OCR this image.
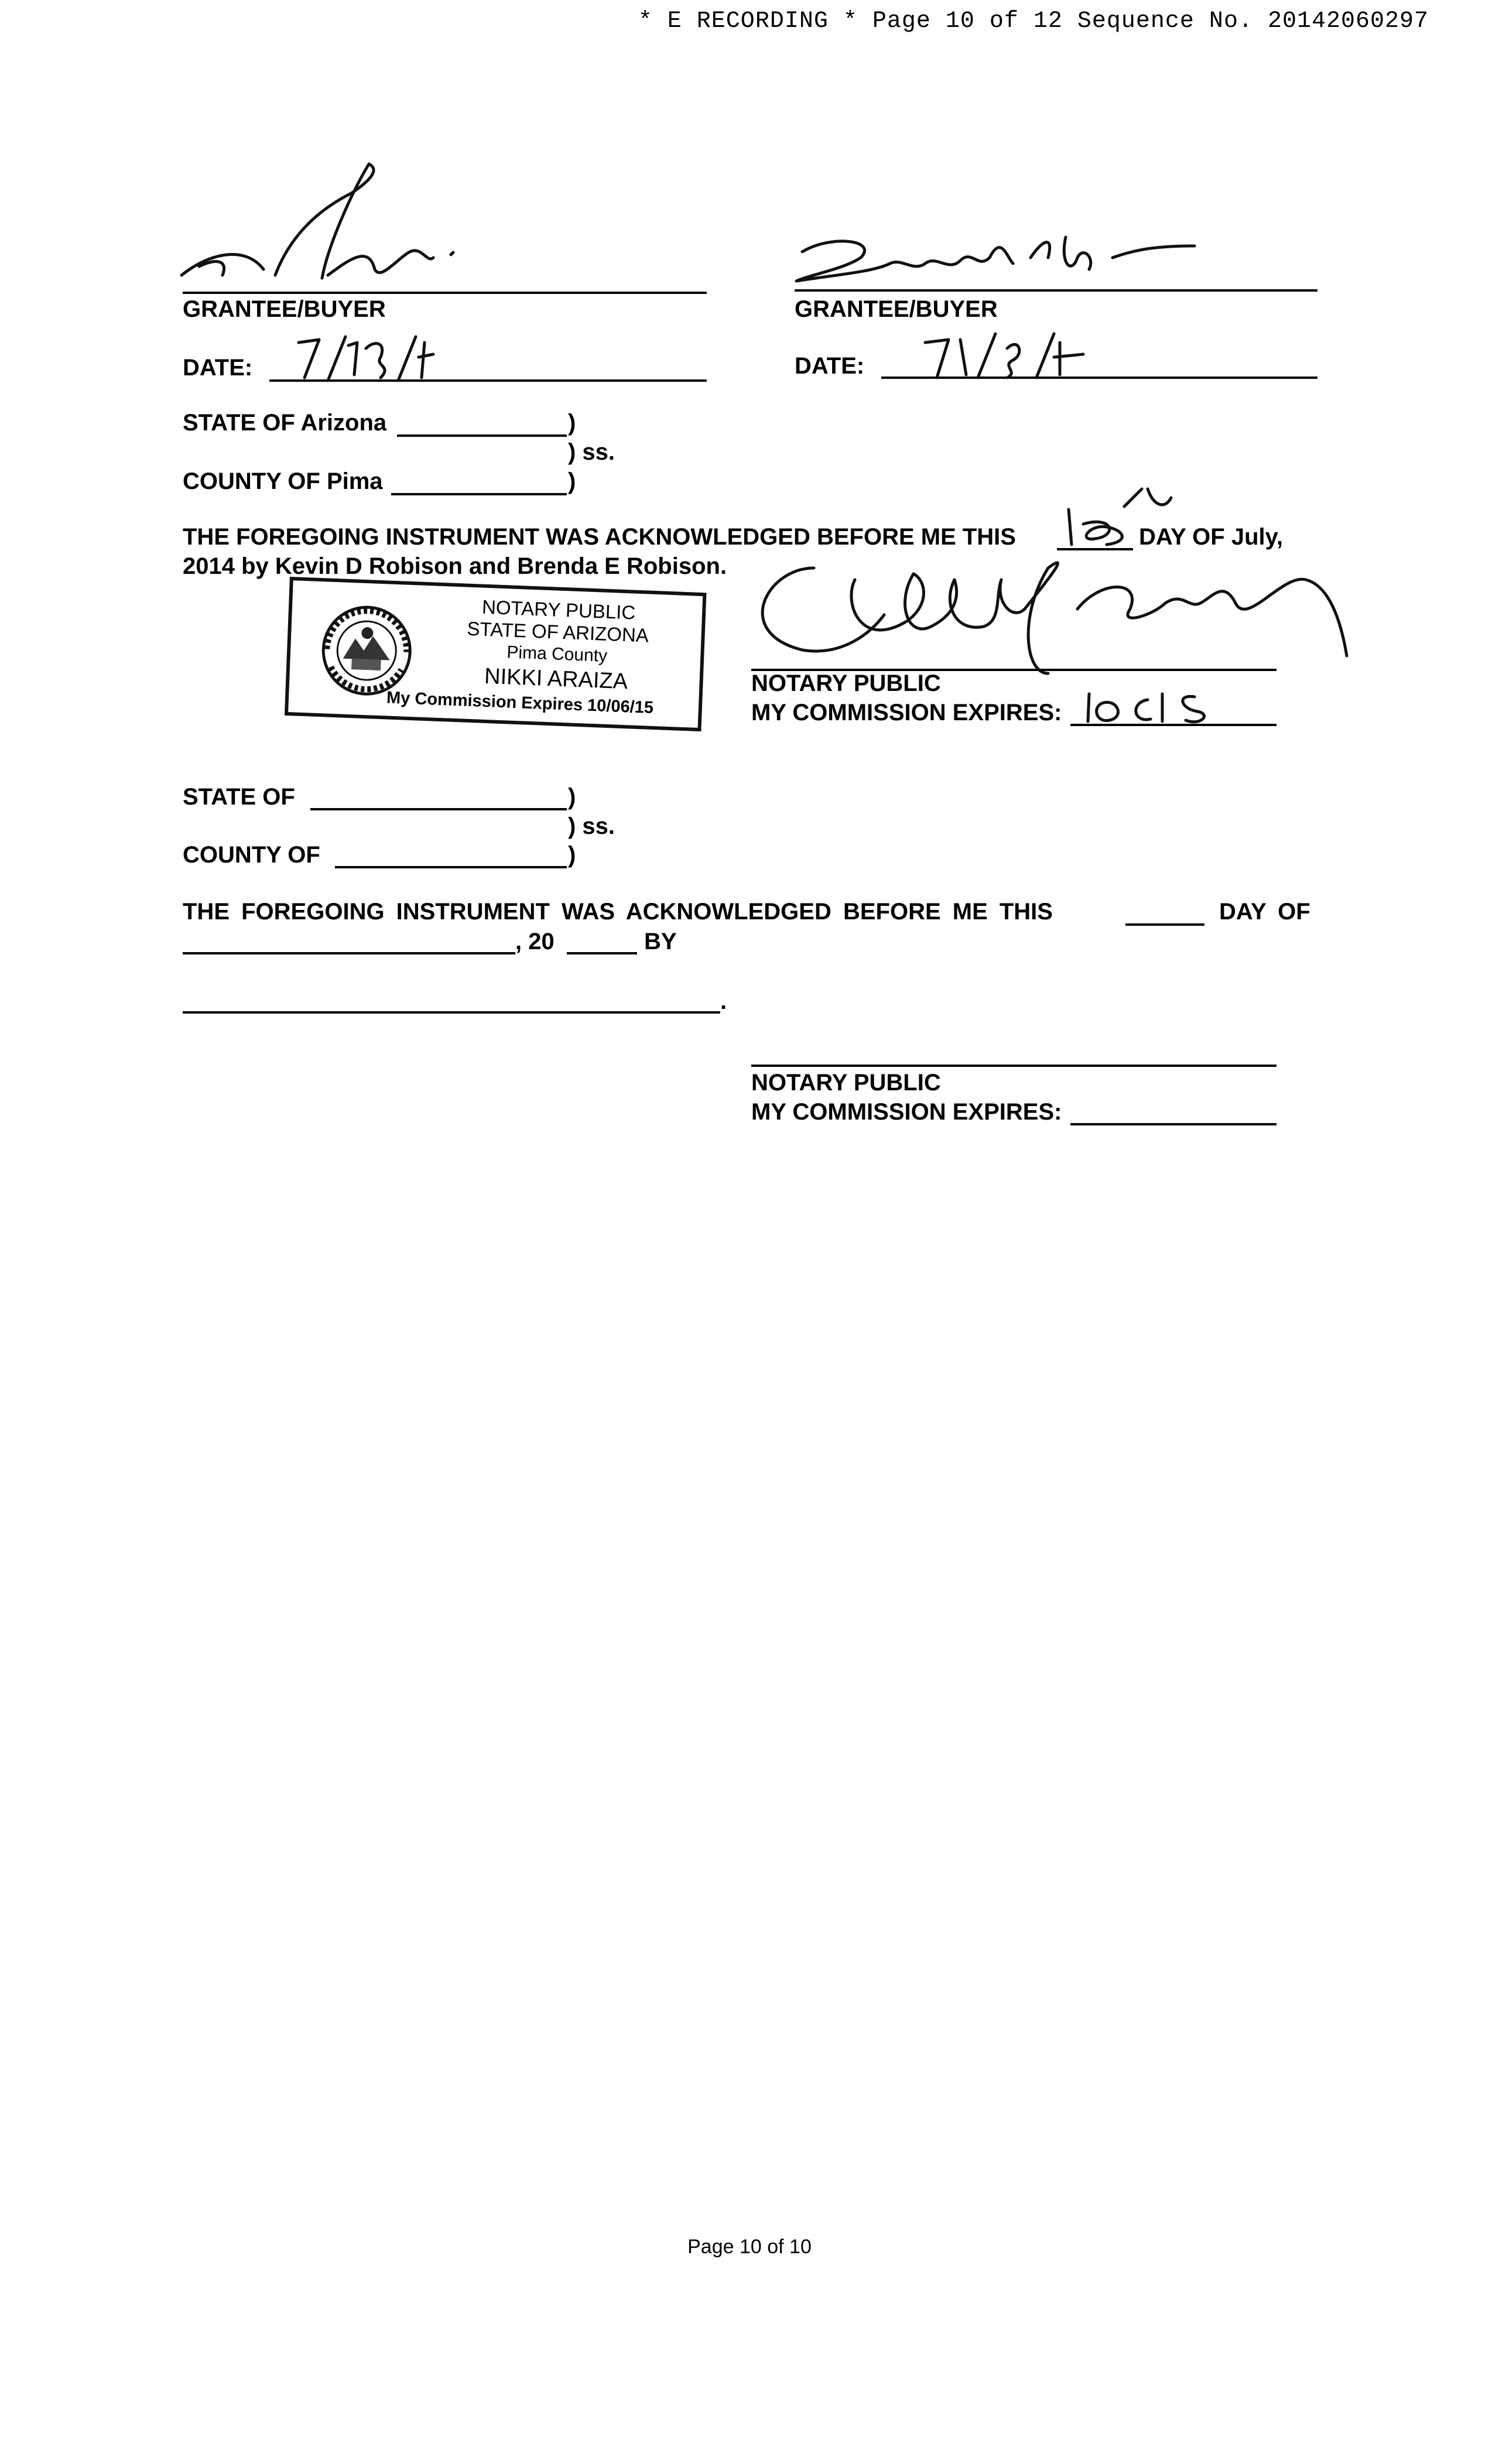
* E RECORDING * Page 10 of 12 Sequence No. 20142060297
GRANTEE/BUYER
DATE:
GRANTEE/BUYER
DATE:
STATE OF Arizona	)
) ss.
COUNTY OF Pima	)
THE FOREGOING INSTRUMENT WAS ACKNOWLEDGED BEFORE ME THIS	DAY OF July,
2014 by Kevin D Robison and Brenda E Robison.
NOTARY PUBLIC
STATE OF ARIZONA
Pima County
NIKKI ARAIZA
My Commission Expires 10/06/15
NOTARY PUBLIC
MY COMMISSION EXPIRES:
STATE OF	)
) ss.
COUNTY OF	)
THE FOREGOING INSTRUMENT WAS ACKNOWLEDGED BEFORE ME THIS	DAY OF
, 20	BY
.
NOTARY PUBLIC
MY COMMISSION EXPIRES:
Page 10 of 10
